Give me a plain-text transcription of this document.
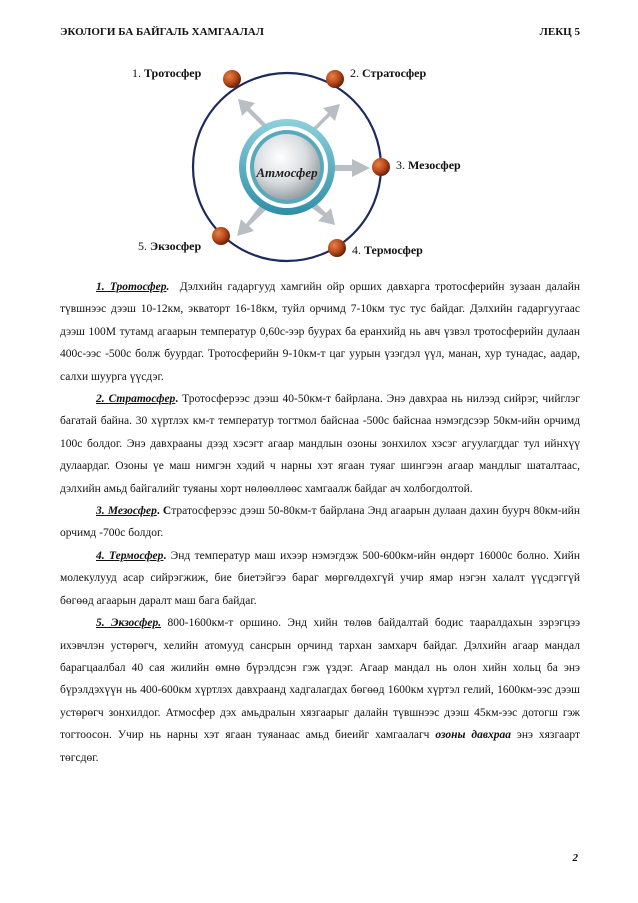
ЭКОЛОГИ БА БАЙГАЛЬ ХАМГААЛАЛ	ЛЕКЦ 5
Атмосфер
1. Тротосфер	2. Стратосфер
3. Мезосфер
4. Термосфер
5. Экзосфер

1. Тротосфер. Дэлхийн гадаргууд хамгийн ойр орших давхарга тротосферийн зузаан далайн түвшнээс дээш 10-12км, экваторт 16-18км, туйл орчимд 7-10км тус тус байдаг. Дэлхийн гадаргуугаас дээш 100М тутамд агаарын температур 0,60с-ээр буурах ба еранхийд нь авч үзвэл тротосферийн дулаан 400с-ээс -500с болж буурдаг. Тротосферийн 9-10км-т цаг уурын үзэгдэл үүл, манан, хур тунадас, аадар, салхи шуурга үүсдэг.

2. Стратосфер. Тротосферээс дээш 40-50км-т байрлана. Энэ давхраа нь нилээд сийрэг, чийглэг багатай байна. 30 хүртлэх км-т температур тогтмол байснаа -500с байснаа нэмэгдсээр 50км-ийн орчимд 100с болдог. Энэ давхрааны дээд хэсэгт агаар мандлын озоны зонхилох хэсэг агуулагддаг тул ийнхүү дулаардаг. Озоны үе маш нимгэн хэдий ч нарны хэт ягаан туяаг шингээн агаар мандлыг шаталтаас, дэлхийн амьд байгалийг туяаны хорт нөлөөллөөс хамгаалж байдаг ач холбогдолтой.

3. Мезосфер. Стратосферээс дээш 50-80км-т байрлана Энд агаарын дулаан дахин буурч 80км-ийн орчимд -700с болдог.

4. Термосфер. Энд температур маш ихээр нэмэгдэж 500-600км-ийн өндөрт 16000с болно. Хийн молекулууд асар сийрэгжиж, бие биетэйгээ бараг мөргөлдөхгүй учир ямар нэгэн халалт үүсдэггүй бөгөөд агаарын даралт маш бага байдаг.

5. Экзосфер. 800-1600км-т оршино. Энд хийн төлөв байдалтай бодис тааралдахын зэрэгцээ ихэвчлэн устөрөгч, хелийн атомууд сансрын орчинд тархан замхарч байдаг. Дэлхийн агаар мандал барагцаалбал 40 сая жилийн өмнө бүрэлдсэн гэж үздэг. Агаар мандал нь олон хийн хольц ба энэ бүрэлдэхүүн нь 400-600км хүртлэх давхраанд хадгалагдах бөгөөд 1600км хүртэл гелий, 1600км-ээс дээш устөрөгч зонхилдог. Атмосфер дэх амьдралын хязгаарыг далайн түвшнээс дээш 45км-ээс дотогш гэж тогтоосон. Учир нь нарны хэт ягаан туяанаас амьд биеийг хамгаалагч озоны давхраа энэ хязгаарт төгсдөг.

2
